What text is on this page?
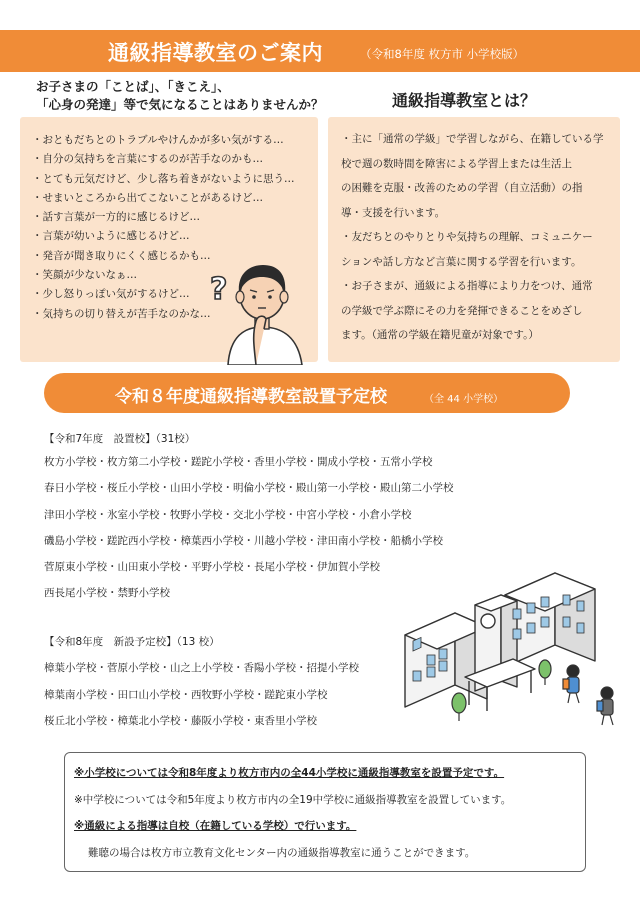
通級指導教室のご案内	（令和8年度 枚方市 小学校版）
お子さまの「ことば」、「きこえ」、
「心身の発達」等で気になることはありませんか？	通級指導教室とは？
・おともだちとのトラブルやけんかが多い気がする…
・自分の気持ちを言葉にするのが苦手なのかも…
・とても元気だけど、少し落ち着きがないように思う…
・せまいところから出てこないことがあるけど…
・話す言葉が一方的に感じるけど…
・言葉が幼いように感じるけど…
・発音が聞き取りにくく感じるかも…
・笑顔が少ないなぁ…
・少し怒りっぽい気がするけど…
・気持ちの切り替えが苦手なのかな…
?

・主に「通常の学級」で学習しながら、在籍している学
校で週の数時間を障害による学習上または生活上
の困難を克服・改善のための学習（自立活動）の指
導・支援を行います。

・友だちとのやりとりや気持ちの理解、コミュニケー
ションや話し方など言葉に関する学習を行います。

・お子さまが、通級による指導により力をつけ、通常
の学級で学ぶ際にその力を発揮できることをめざし
ます。（通常の学級在籍児童が対象です。）

令和８年度通級指導教室設置予定校	（全 44 小学校）
【令和7年度　設置校】（31校）
枚方小学校・枚方第二小学校・蹉跎小学校・香里小学校・開成小学校・五常小学校
春日小学校・桜丘小学校・山田小学校・明倫小学校・殿山第一小学校・殿山第二小学校
津田小学校・氷室小学校・牧野小学校・交北小学校・中宮小学校・小倉小学校
磯島小学校・蹉跎西小学校・樟葉西小学校・川越小学校・津田南小学校・船橋小学校
菅原東小学校・山田東小学校・平野小学校・長尾小学校・伊加賀小学校
西長尾小学校・禁野小学校
【令和8年度　新設予定校】（13 校）
樟葉小学校・菅原小学校・山之上小学校・香陽小学校・招提小学校
樟葉南小学校・田口山小学校・西牧野小学校・蹉跎東小学校
桜丘北小学校・樟葉北小学校・藤阪小学校・東香里小学校
※小学校については令和8年度より枚方市内の全44小学校に通級指導教室を設置予定です。
※中学校については令和5年度より枚方市内の全19中学校に通級指導教室を設置しています。
※通級による指導は自校（在籍している学校）で行います。
難聴の場合は枚方市立教育文化センター内の通級指導教室に通うことができます。
